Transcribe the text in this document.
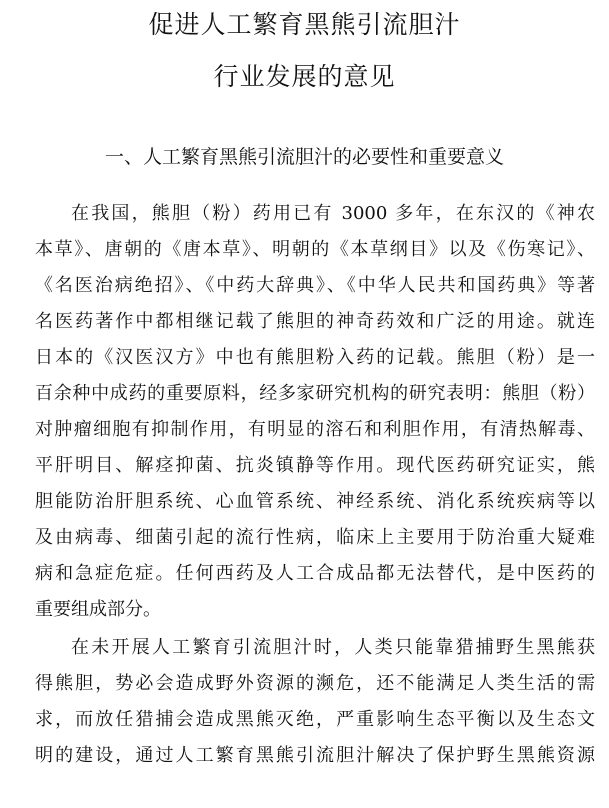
促进人工繁育黑熊引流胆汁
行业发展的意见
一、人工繁育黑熊引流胆汁的必要性和重要意义
在我国，熊胆（粉）药用已有 3000 多年，在东汉的《神农
本草》、唐朝的《唐本草》、明朝的《本草纲目》以及《伤寒记》、
《名医治病绝招》、《中药大辞典》、《中华人民共和国药典》等著
名医药著作中都相继记载了熊胆的神奇药效和广泛的用途。就连
日本的《汉医汉方》中也有熊胆粉入药的记载。熊胆（粉）是一
百余种中成药的重要原料，经多家研究机构的研究表明：熊胆（粉）
对肿瘤细胞有抑制作用，有明显的溶石和利胆作用，有清热解毒、
平肝明目、解痉抑菌、抗炎镇静等作用。现代医药研究证实，熊
胆能防治肝胆系统、心血管系统、神经系统、消化系统疾病等以
及由病毒、细菌引起的流行性病，临床上主要用于防治重大疑难
病和急症危症。任何西药及人工合成品都无法替代，是中医药的
重要组成部分。
在未开展人工繁育引流胆汁时，人类只能靠猎捕野生黑熊获
得熊胆，势必会造成野外资源的濒危，还不能满足人类生活的需
求，而放任猎捕会造成黑熊灭绝，严重影响生态平衡以及生态文
明的建设，通过人工繁育黑熊引流胆汁解决了保护野生黑熊资源
